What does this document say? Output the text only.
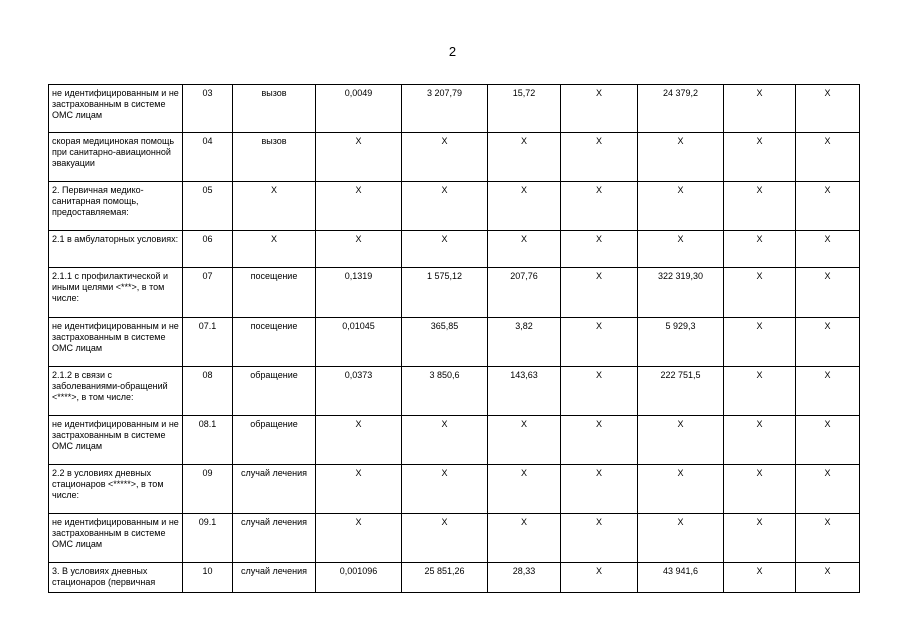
2
не идентифицированным и не застрахованным в системе ОМС лицам	03	вызов	0,0049	3 207,79	15,72	X	24 379,2	X	X
скорая медицинокая помощь при санитарно-авиационной эвакуации	04	вызов	X	X	X	X	X	X	X
2. Первичная медико-санитарная помощь, предоставляемая:	05	X	X	X	X	X	X	X	X
2.1 в амбулаторных условиях:	06	X	X	X	X	X	X	X	X
2.1.1 с профилактической и иными целями <***>, в том числе:	07	посещение	0,1319	1 575,12	207,76	X	322 319,30	X	X
не идентифицированным и не застрахованным в системе ОМС лицам	07.1	посещение	0,01045	365,85	3,82	X	5 929,3	X	X
2.1.2 в связи с заболеваниями-обращений <****>, в том числе:	08	обращение	0,0373	3 850,6	143,63	X	222 751,5	X	X
не идентифицированным и не застрахованным в системе ОМС лицам	08.1	обращение	X	X	X	X	X	X	X
2.2 в условиях дневных стационаров <*****>, в том числе:	09	случай лечения	X	X	X	X	X	X	X
не идентифицированным и не застрахованным в системе ОМС лицам	09.1	случай лечения	X	X	X	X	X	X	X
3. В условиях дневных стационаров (первичная	10	случай лечения	0,001096	25 851,26	28,33	X	43 941,6	X	X
